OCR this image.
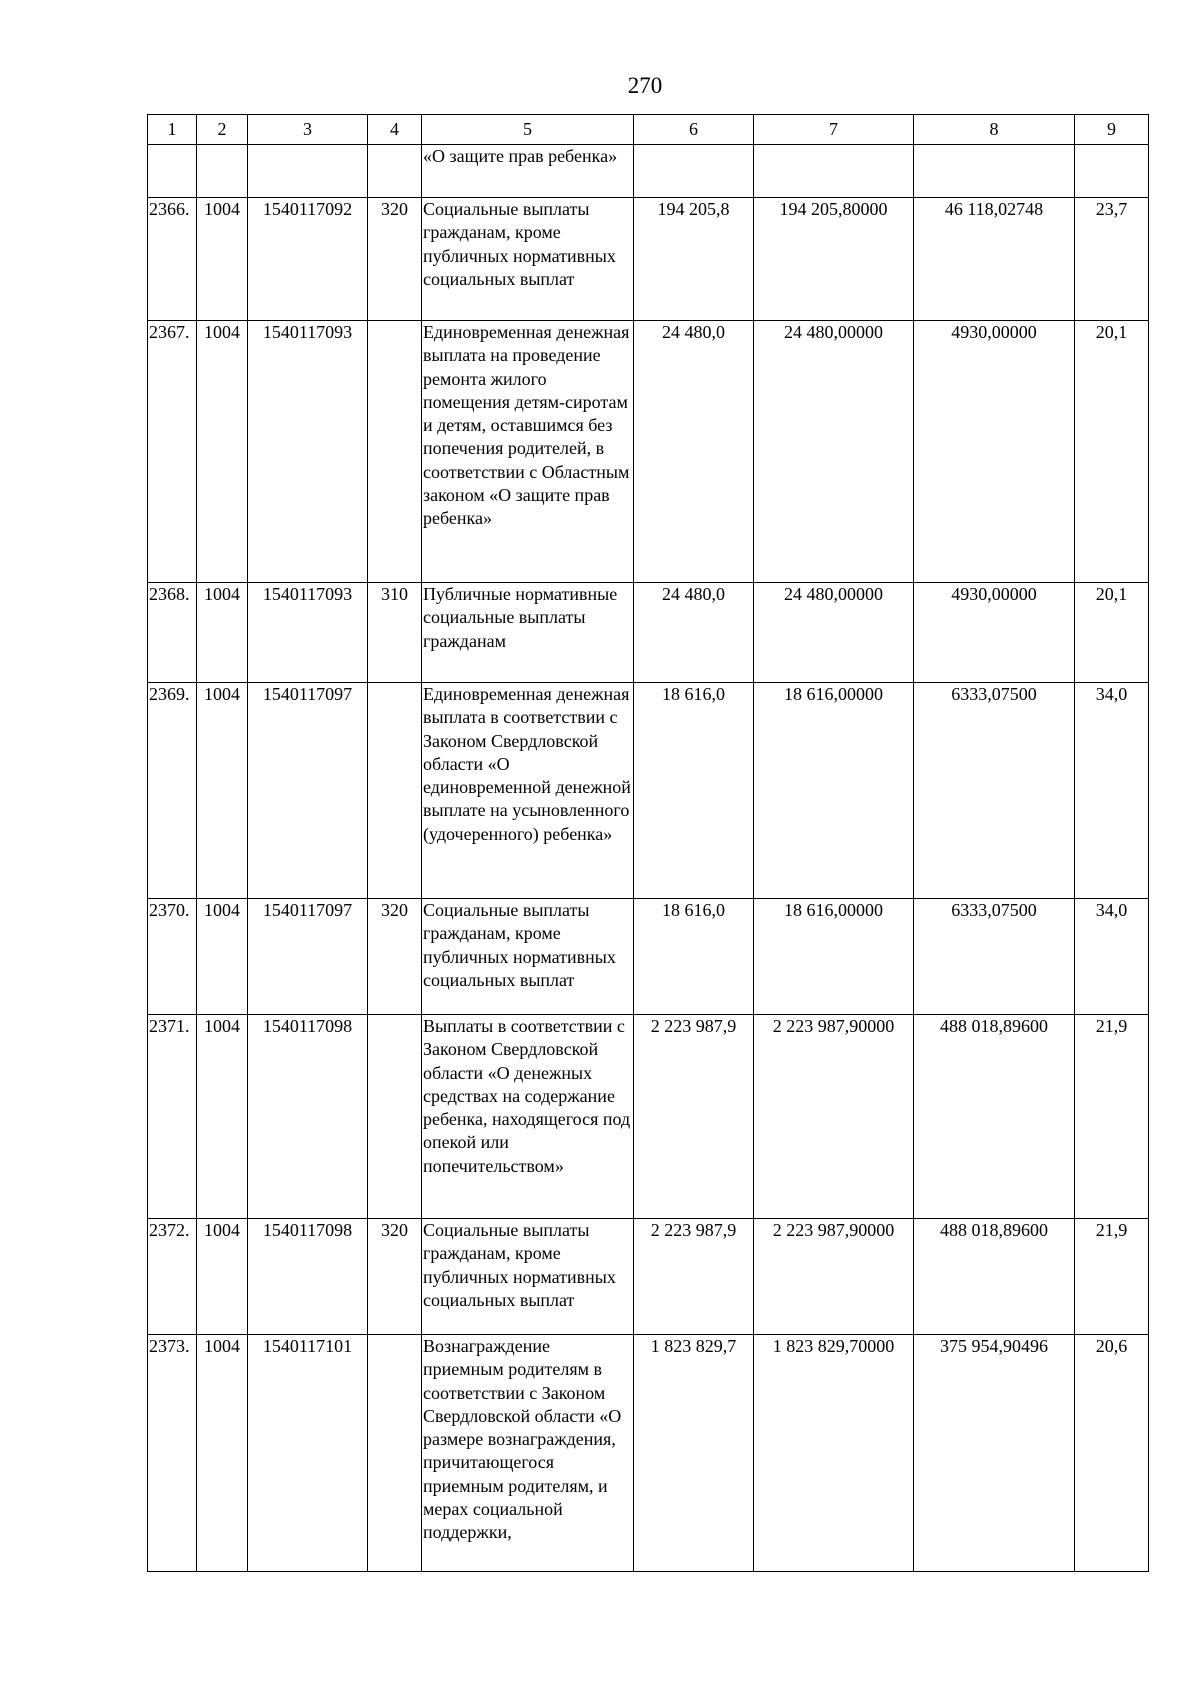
270
1	2	3	4	5	6	7	8	9
				«О защите прав ребенка»				
2366.	1004	1540117092	320	Социальные выплаты гражданам, кроме публичных нормативных социальных выплат	194 205,8	194 205,80000	46 118,02748	23,7
2367.	1004	1540117093		Единовременная денежная выплата на проведение ремонта жилого помещения детям-сиротам и детям, оставшимся без попечения родителей, в соответствии с Областным законом «О защите прав ребенка»	24 480,0	24 480,00000	4930,00000	20,1
2368.	1004	1540117093	310	Публичные нормативные социальные выплаты гражданам	24 480,0	24 480,00000	4930,00000	20,1
2369.	1004	1540117097		Единовременная денежная выплата в соответствии с Законом Свердловской области «О единовременной денежной выплате на усыновленного (удочеренного) ребенка»	18 616,0	18 616,00000	6333,07500	34,0
2370.	1004	1540117097	320	Социальные выплаты гражданам, кроме публичных нормативных социальных выплат	18 616,0	18 616,00000	6333,07500	34,0
2371.	1004	1540117098		Выплаты в соответствии с Законом Свердловской области «О денежных средствах на содержание ребенка, находящегося под опекой или попечительством»	2 223 987,9	2 223 987,90000	488 018,89600	21,9
2372.	1004	1540117098	320	Социальные выплаты гражданам, кроме публичных нормативных социальных выплат	2 223 987,9	2 223 987,90000	488 018,89600	21,9
2373.	1004	1540117101		Вознаграждение приемным родителям в соответствии с Законом Свердловской области «О размере вознаграждения, причитающегося приемным родителям, и мерах социальной поддержки,	1 823 829,7	1 823 829,70000	375 954,90496	20,6
